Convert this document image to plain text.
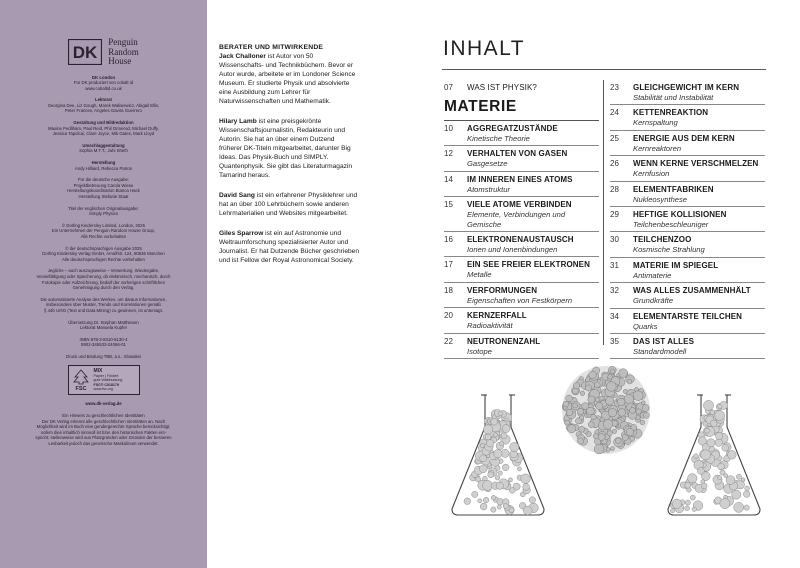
DK
Penguin
Random
House
DK London
Für DK produziert von cobalt id
www.cobaltid.co.uk
Lektorat
Georgina Dee, Liz Gough, Marek Walisiewicz, Abigail Ellis,
Peter Frances, Angeles Gavira Guerrero
Gestaltung und Bildredaktion
Maxine Pedliham, Paul Reid, Phil Ormerod, Michael Duffy,
Jessica Tapolcai, Clare Joyce, Mik Gates, Mark Lloyd
Umschlaggestaltung
Sophia M.T.T., Juhi Sheth
Herstellung
Andy Hilliard, Rebecca Parton
Für die deutsche Ausgabe:
Projektbetreuung Carola Wiese
Herstellungskoordination Bianca Hack
Herstellung Stefanie Staat
Titel der englischen Originalausgabe:
Simply Physics
© Dorling Kindersley Limited, London, 2025
Ein Unternehmen der Penguin Random House Group,
Alle Rechte vorbehalten
© der deutschsprachigen Ausgabe 2025
Dorling Kindersley Verlag GmbH, Arnulfstr. 124, 80636 München
Alle deutschsprachigen Rechte vorbehalten
Jegliche – auch auszugsweise – Verwertung, Wiedergabe,
Vervielfältigung oder Speicherung, ob elektronisch, mechanisch, durch
Fotokopie oder Aufzeichnung, bedarf der vorherigen schriftlichen
Genehmigung durch den Verlag.
Die automatisierte Analyse des Werkes, um daraus Informationen,
insbesondere über Muster, Trends und Korrelationen gemäß
§ 44b UrhG (Text und Data Mining) zu gewinnen, ist untersagt.
Übersetzung Dr. Stephan Matthiesen
Lektorat Manuela Kupfer
ISBN 978-3-8310-5130-4
5902-345533-24066-01
Druck und Bindung TBB, a.s., Slowakei
FSC
MIX
Papier | Fördert
gute Waldnutzung
FSC® C018179
www.fsc.org
www.dk-verlag.de
Ein Hinweis zu geschlechtlichen Identitäten
Der DK Verlag erkennt alle geschlechtlichen Identitäten an. Nach
Möglichkeit wird im Buch eine gendergerechte Sprache berücksichtigt,
sofern dies inhaltlich sinnvoll ist bzw. den historischen Fakten ent-
spricht; stellenweise wird aus Platzgründen oder Gründen der besseren
Lesbarkeit jedoch das generische Maskulinum verwendet.
BERATER UND MITWIRKENDE

Jack Challoner ist Autor von 50 Wissenschafts- und Technikbüchern. Bevor er Autor wurde, arbeitete er im Londoner Science Museum. Er studierte Physik und absolvierte eine Ausbildung zum Lehrer für Naturwissenschaften und Mathematik.

Hilary Lamb ist eine preisgekrönte Wissenschaftsjournalistin, Redakteurin und Autorin. Sie hat an über einem Dutzend früherer DK-Titeln mitgearbeitet, darunter Big Ideas. Das Physik-Buch und SIMPLY. Quantenphysik. Sie gibt das Literaturmagazin Tamarind heraus.

David Sang ist ein erfahrener Physiklehrer und hat an über 100 Lehrbüchern sowie anderen Lehrmaterialien und Websites mitgearbeitet.

Giles Sparrow ist ein auf Astronomie und Weltraumforschung spezialisierter Autor und Journalist. Er hat Dutzende Bücher geschrieben und ist Fellow der Royal Astronomical Society.

INHALT
07	WAS IST PHYSIK?
MATERIE
10	AGGREGATZUSTÄNDE
Kinetische Theorie
12	VERHALTEN VON GASEN
Gasgesetze
14	IM INNEREN EINES ATOMS
Atomstruktur
15	VIELE ATOME VERBINDEN
Elemente, Verbindungen und Gemische
16	ELEKTRONENAUSTAUSCH
Ionen und Ionenbindungen
17	EIN SEE FREIER ELEKTRONEN
Metalle
18	VERFORMUNGEN
Eigenschaften von Festkörpern
20	KERNZERFALL
Radioaktivität
22	NEUTRONENZAHL
Isotope
23	GLEICHGEWICHT IM KERN
Stabilität und Instabilität
24	KETTENREAKTION
Kernspaltung
25	ENERGIE AUS DEM KERN
Kernreaktoren
26	WENN KERNE VERSCHMELZEN
Kernfusion
28	ELEMENTFABRIKEN
Nukleosynthese
29	HEFTIGE KOLLISIONEN
Teilchenbeschleuniger
30	TEILCHENZOO
Kosmische Strahlung
31	MATERIE IM SPIEGEL
Antimaterie
32	WAS ALLES ZUSAMMENHÄLT
Grundkräfte
34	ELEMENTARSTE TEILCHEN
Quarks
35	DAS IST ALLES
Standardmodell
